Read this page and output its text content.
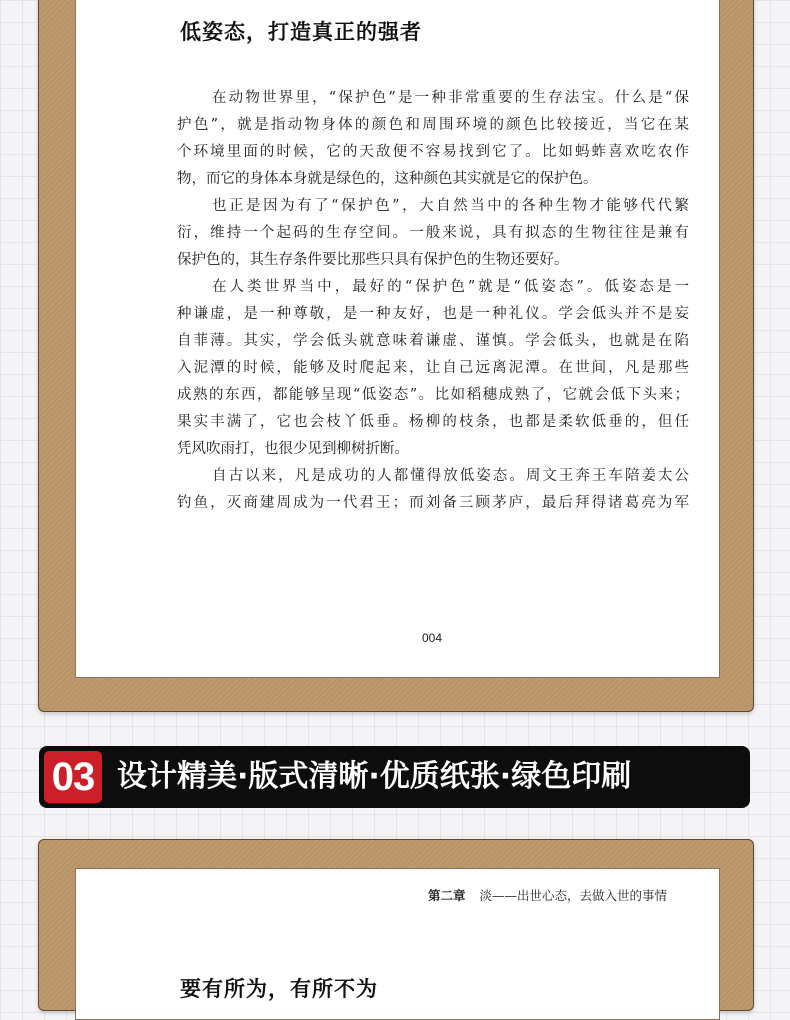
低姿态，打造真正的强者
在动物世界里，“保护色”是一种非常重要的生存法宝。什么是“保
护色”，就是指动物身体的颜色和周围环境的颜色比较接近，当它在某
个环境里面的时候，它的天敌便不容易找到它了。比如蚂蚱喜欢吃农作
物，而它的身体本身就是绿色的，这种颜色其实就是它的保护色。
也正是因为有了“保护色”，大自然当中的各种生物才能够代代繁
衍，维持一个起码的生存空间。一般来说，具有拟态的生物往往是兼有
保护色的，其生存条件要比那些只具有保护色的生物还要好。
在人类世界当中，最好的“保护色”就是“低姿态”。低姿态是一
种谦虚，是一种尊敬，是一种友好，也是一种礼仪。学会低头并不是妄
自菲薄。其实，学会低头就意味着谦虚、谨慎。学会低头，也就是在陷
入泥潭的时候，能够及时爬起来，让自己远离泥潭。在世间，凡是那些
成熟的东西，都能够呈现“低姿态”。比如稻穗成熟了，它就会低下头来；
果实丰满了，它也会枝丫低垂。杨柳的枝条，也都是柔软低垂的，但任
凭风吹雨打，也很少见到柳树折断。
自古以来，凡是成功的人都懂得放低姿态。周文王奔王车陪姜太公
钓鱼，灭商建周成为一代君王；而刘备三顾茅庐，最后拜得诸葛亮为军
004
03 设计精美·版式清晰·优质纸张·绿色印刷
第二章 淡——出世心态，去做入世的事情
要有所为，有所不为
